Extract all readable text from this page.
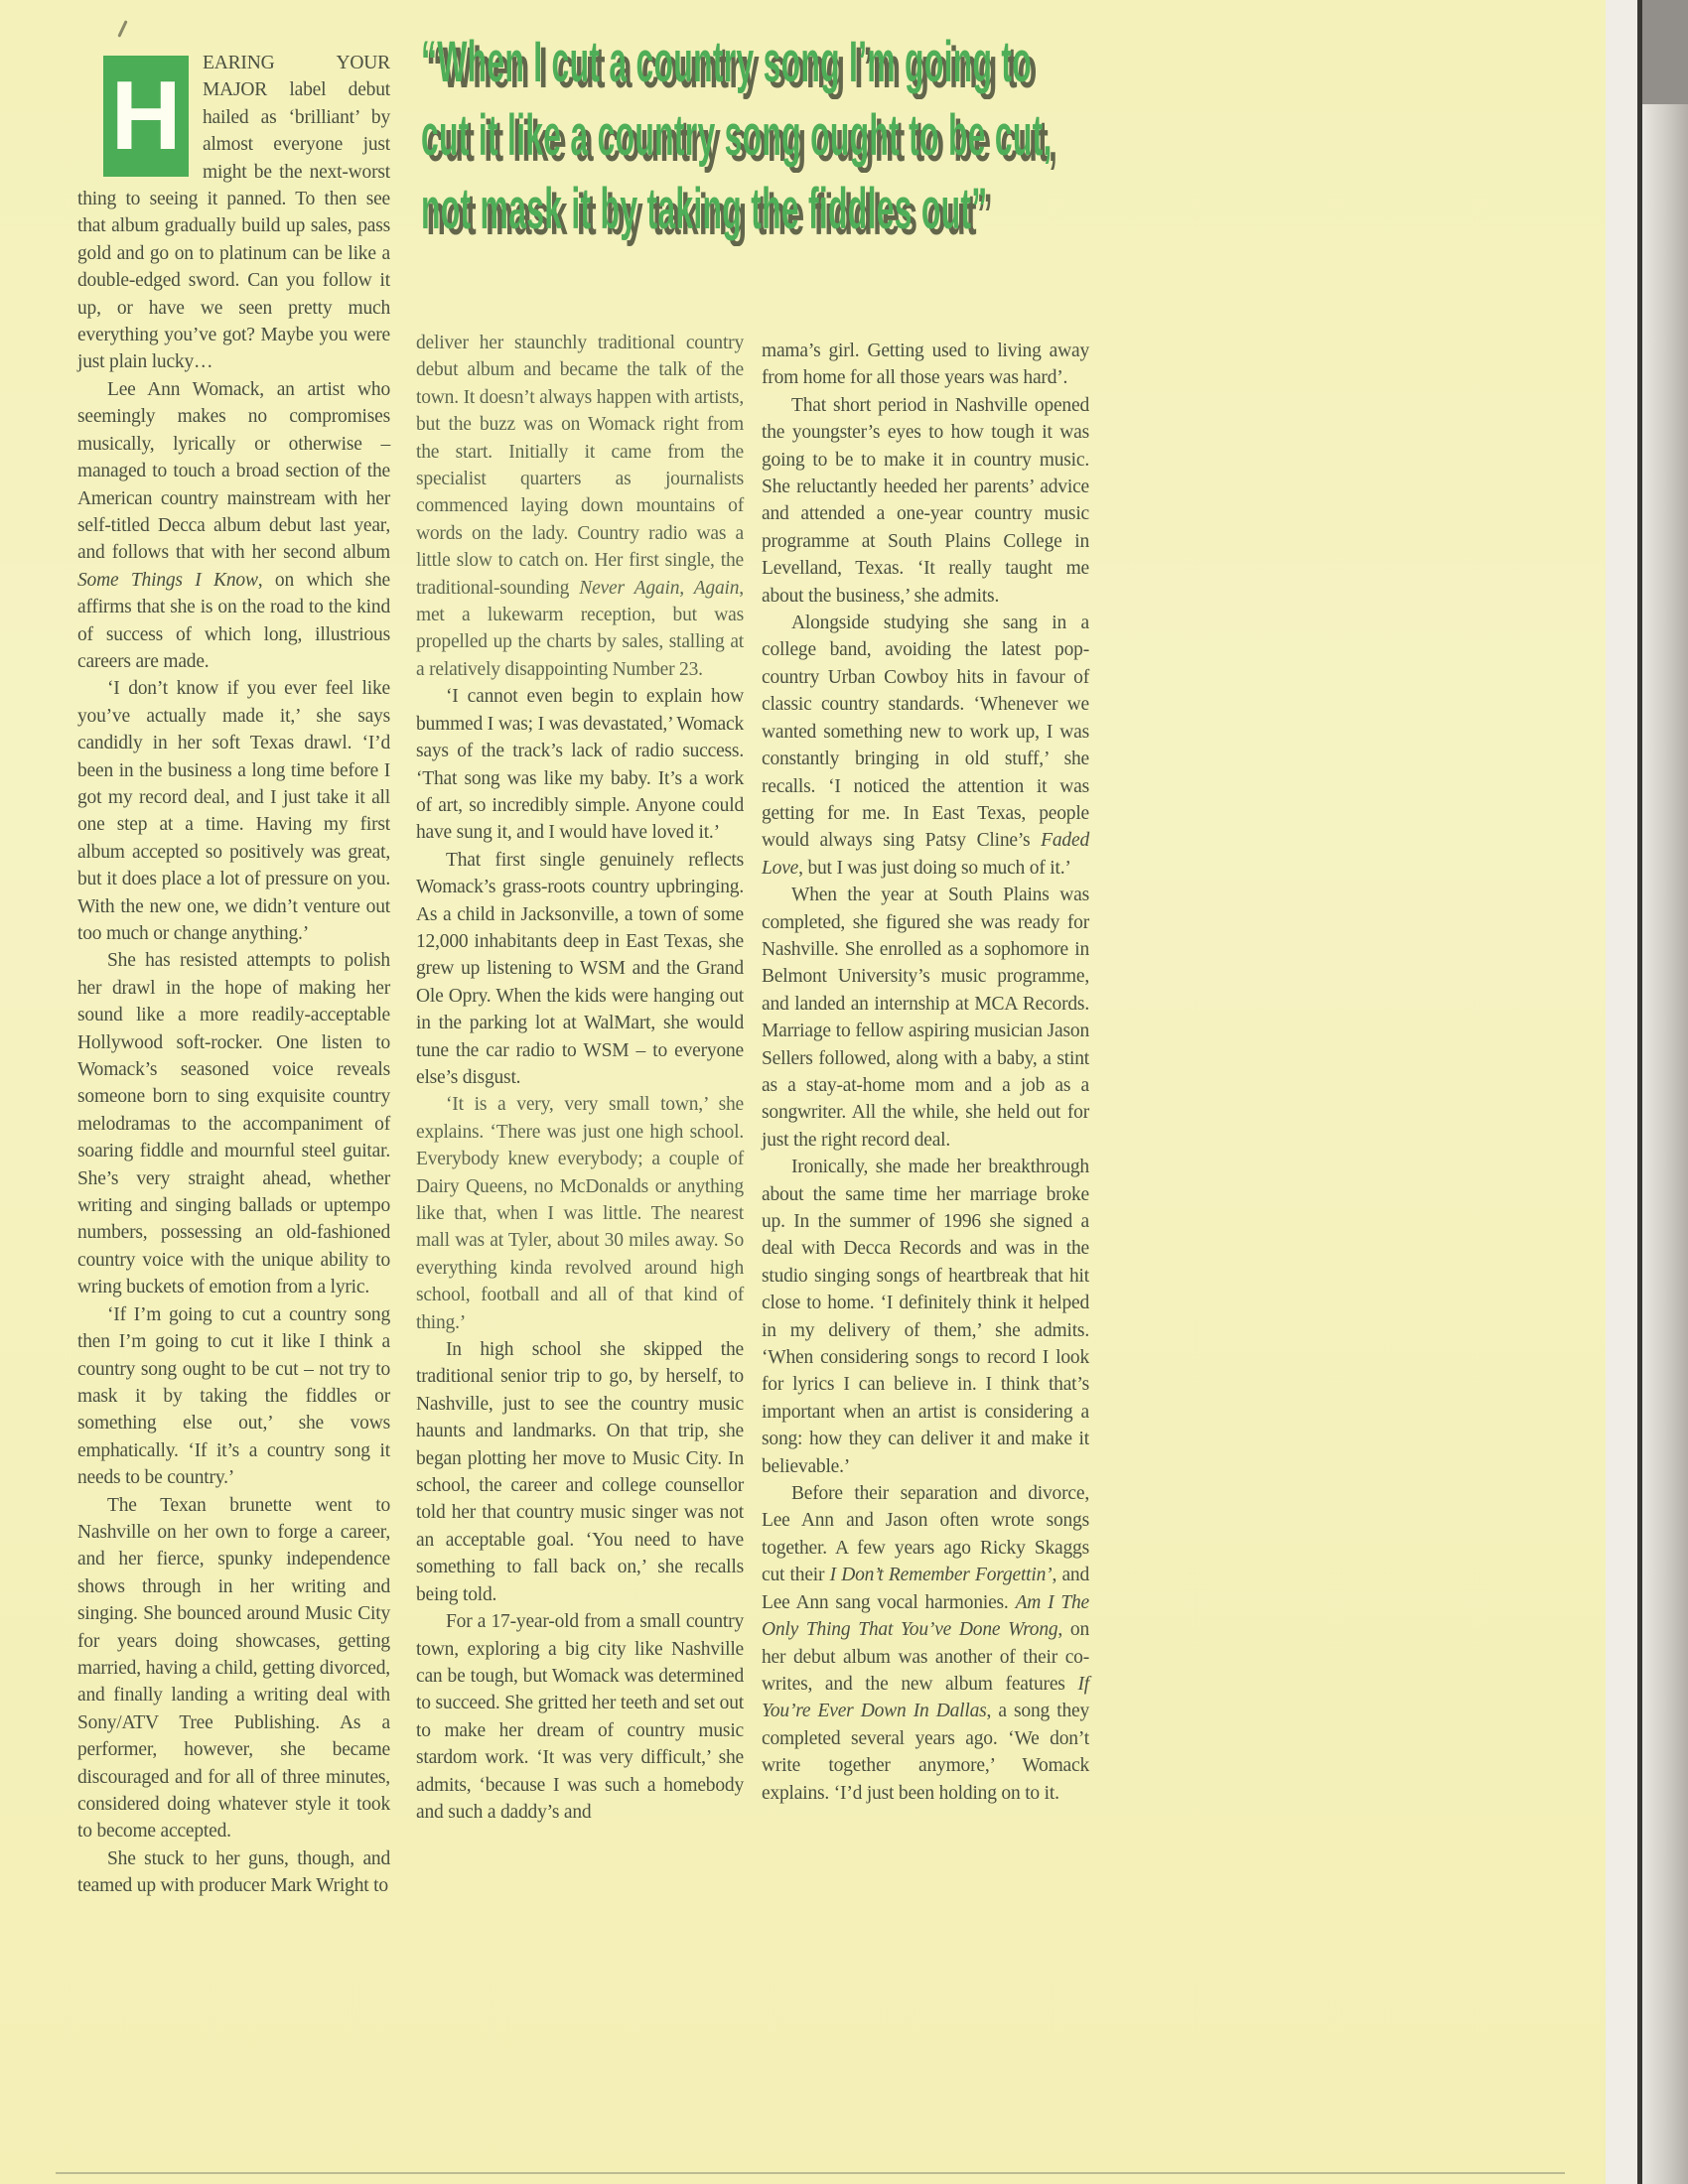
“When I cut a country song I’m going to
cut it like a country song ought to be cut,
not mask it by taking the fiddles out”

H	EARING YOUR MAJOR label debut hailed as ‘brilliant’ by almost everyone just might be the next-worst thing to seeing it panned. To then see that album gradually build up sales, pass gold and go on to platinum can be like a double-edged sword. Can you follow it up, or have we seen pretty much everything you’ve got? Maybe you were just plain lucky…

Lee Ann Womack, an artist who seemingly makes no compromises musically, lyrically or otherwise – managed to touch a broad section of the American country mainstream with her self-titled Decca album debut last year, and follows that with her second album Some Things I Know, on which she affirms that she is on the road to the kind of success of which long, illustrious careers are made.

‘I don’t know if you ever feel like you’ve actually made it,’ she says candidly in her soft Texas drawl. ‘I’d been in the business a long time before I got my record deal, and I just take it all one step at a time. Having my first album accepted so positively was great, but it does place a lot of pressure on you. With the new one, we didn’t venture out too much or change anything.’

She has resisted attempts to polish her drawl in the hope of making her sound like a more readily-acceptable Hollywood soft-rocker. One listen to Womack’s seasoned voice reveals someone born to sing exquisite country melodramas to the accompaniment of soaring fiddle and mournful steel guitar. She’s very straight ahead, whether writing and singing ballads or uptempo numbers, possessing an old-fashioned country voice with the unique ability to wring buckets of emotion from a lyric.

‘If I’m going to cut a country song then I’m going to cut it like I think a country song ought to be cut – not try to mask it by taking the fiddles or something else out,’ she vows emphatically. ‘If it’s a country song it needs to be country.’

The Texan brunette went to Nashville on her own to forge a career, and her fierce, spunky independence shows through in her writing and singing. She bounced around Music City for years doing showcases, getting married, having a child, getting divorced, and finally landing a writing deal with Sony/ATV Tree Publishing. As a performer, however, she became discouraged and for all of three minutes, considered doing whatever style it took to become accepted.

She stuck to her guns, though, and teamed up with producer Mark Wright to

deliver her staunchly traditional country debut album and became the talk of the town. It doesn’t always happen with artists, but the buzz was on Womack right from the start. Initially it came from the specialist quarters as journalists commenced laying down mountains of words on the lady. Country radio was a little slow to catch on. Her first single, the traditional-sounding Never Again, Again, met a lukewarm reception, but was propelled up the charts by sales, stalling at a relatively disappointing Number 23.

‘I cannot even begin to explain how bummed I was; I was devastated,’ Womack says of the track’s lack of radio success. ‘That song was like my baby. It’s a work of art, so incredibly simple. Anyone could have sung it, and I would have loved it.’

That first single genuinely reflects Womack’s grass-roots country upbringing. As a child in Jacksonville, a town of some 12,000 inhabitants deep in East Texas, she grew up listening to WSM and the Grand Ole Opry. When the kids were hanging out in the parking lot at WalMart, she would tune the car radio to WSM – to everyone else’s disgust.

‘It is a very, very small town,’ she explains. ‘There was just one high school. Everybody knew everybody; a couple of Dairy Queens, no McDonalds or anything like that, when I was little. The nearest mall was at Tyler, about 30 miles away. So everything kinda revolved around high school, football and all of that kind of thing.’

In high school she skipped the traditional senior trip to go, by herself, to Nashville, just to see the country music haunts and landmarks. On that trip, she began plotting her move to Music City. In school, the career and college counsellor told her that country music singer was not an acceptable goal. ‘You need to have something to fall back on,’ she recalls being told.

For a 17-year-old from a small country town, exploring a big city like Nashville can be tough, but Womack was determined to succeed. She gritted her teeth and set out to make her dream of country music stardom work. ‘It was very difficult,’ she admits, ‘because I was such a homebody and such a daddy’s and

mama’s girl. Getting used to living away from home for all those years was hard’.

That short period in Nashville opened the youngster’s eyes to how tough it was going to be to make it in country music. She reluctantly heeded her parents’ advice and attended a one-year country music programme at South Plains College in Levelland, Texas. ‘It really taught me about the business,’ she admits.

Alongside studying she sang in a college band, avoiding the latest pop-country Urban Cowboy hits in favour of classic country standards. ‘Whenever we wanted something new to work up, I was constantly bringing in old stuff,’ she recalls. ‘I noticed the attention it was getting for me. In East Texas, people would always sing Patsy Cline’s Faded Love, but I was just doing so much of it.’

When the year at South Plains was completed, she figured she was ready for Nashville. She enrolled as a sophomore in Belmont University’s music programme, and landed an internship at MCA Records. Marriage to fellow aspiring musician Jason Sellers followed, along with a baby, a stint as a stay-at-home mom and a job as a songwriter. All the while, she held out for just the right record deal.

Ironically, she made her breakthrough about the same time her marriage broke up. In the summer of 1996 she signed a deal with Decca Records and was in the studio singing songs of heartbreak that hit close to home. ‘I definitely think it helped in my delivery of them,’ she admits. ‘When considering songs to record I look for lyrics I can believe in. I think that’s important when an artist is considering a song: how they can deliver it and make it believable.’

Before their separation and divorce, Lee Ann and Jason often wrote songs together. A few years ago Ricky Skaggs cut their I Don’t Remember Forgettin’, and Lee Ann sang vocal harmonies. Am I The Only Thing That You’ve Done Wrong, on her debut album was another of their co-writes, and the new album features If You’re Ever Down In Dallas, a song they completed several years ago. ‘We don’t write together anymore,’ Womack explains. ‘I’d just been holding on to it.
